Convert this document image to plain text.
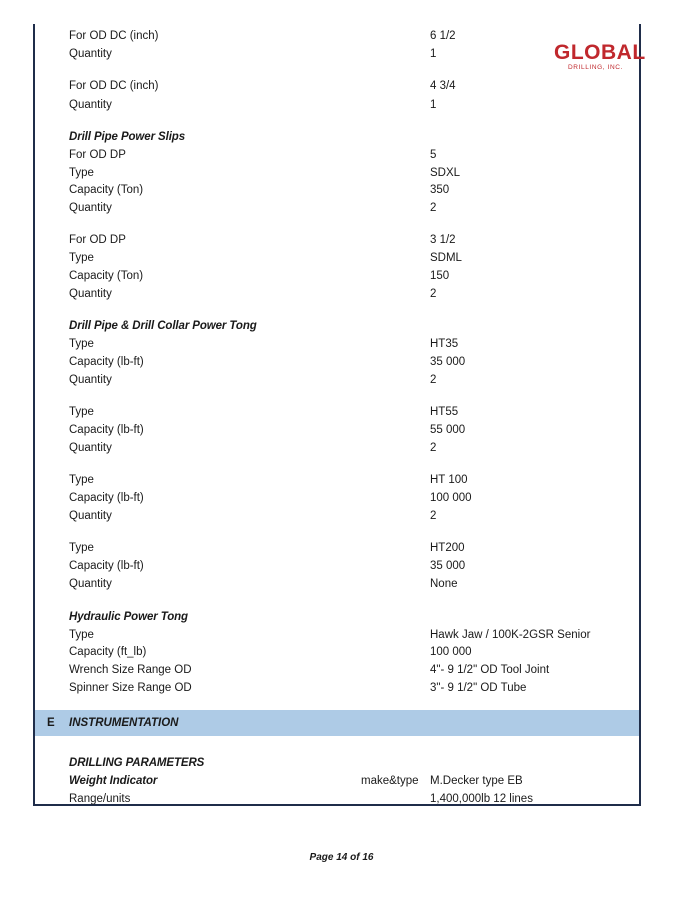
GLOBAL
DRILLING, INC.
For OD DC (inch)	6 1/2
Quantity	1
For OD DC (inch)	4 3/4
Quantity	1
Drill Pipe Power Slips
For OD DP	5
Type	SDXL
Capacity (Ton)	350
Quantity	2
For OD DP	3 1/2
Type	SDML
Capacity (Ton)	150
Quantity	2
Drill Pipe & Drill Collar Power Tong
Type	HT35
Capacity (lb-ft)	35 000
Quantity	2
Type	HT55
Capacity (lb-ft)	55 000
Quantity	2
Type	HT 100
Capacity (lb-ft)	100 000
Quantity	2
Type	HT200
Capacity (lb-ft)	35 000
Quantity	None
Hydraulic Power Tong
Type	Hawk Jaw / 100K-2GSR Senior
Capacity (ft_lb)	100 000
Wrench Size Range OD	4"- 9 1/2" OD Tool Joint
Spinner Size Range OD	3"- 9 1/2" OD Tube
E INSTRUMENTATION
DRILLING PARAMETERS
Weight Indicator	make&type M.Decker type EB
Range/units	1,400,000lb 12 lines
Page 14 of 16
